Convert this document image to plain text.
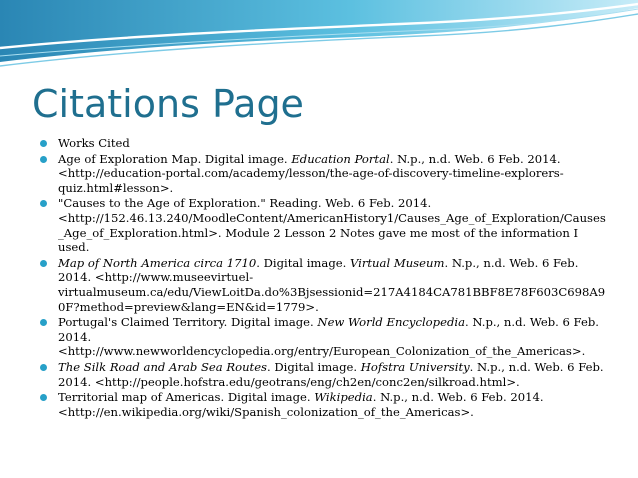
Citations Page
Works Cited
Age of Exploration Map. Digital image. Education Portal. N.p., n.d. Web. 6 Feb. 2014. <http://education-portal.com/academy/lesson/the-age-of-discovery-timeline-explorers-quiz.html#lesson>.
"Causes to the Age of Exploration." Reading. Web. 6 Feb. 2014. <http://152.46.13.240/MoodleContent/AmericanHistory1/Causes_Age_of_Exploration/Causes_Age_of_Exploration.html>. Module 2 Lesson 2 Notes gave me most of the information I used.
Map of North America circa 1710. Digital image. Virtual Museum. N.p., n.d. Web. 6 Feb. 2014. <http://www.museevirtuel-virtualmuseum.ca/edu/ViewLoitDa.do%3Bjsessionid=217A4184CA781BBF8E78F603C698A90F?method=preview&lang=EN&id=1779>.
Portugal's Claimed Territory. Digital image. New World Encyclopedia. N.p., n.d. Web. 6 Feb. 2014. <http://www.newworldencyclopedia.org/entry/European_Colonization_of_the_Americas>.
The Silk Road and Arab Sea Routes. Digital image. Hofstra University. N.p., n.d. Web. 6 Feb. 2014. <http://people.hofstra.edu/geotrans/eng/ch2en/conc2en/silkroad.html>.
Territorial map of Americas. Digital image. Wikipedia. N.p., n.d. Web. 6 Feb. 2014. <http://en.wikipedia.org/wiki/Spanish_colonization_of_the_Americas>.
